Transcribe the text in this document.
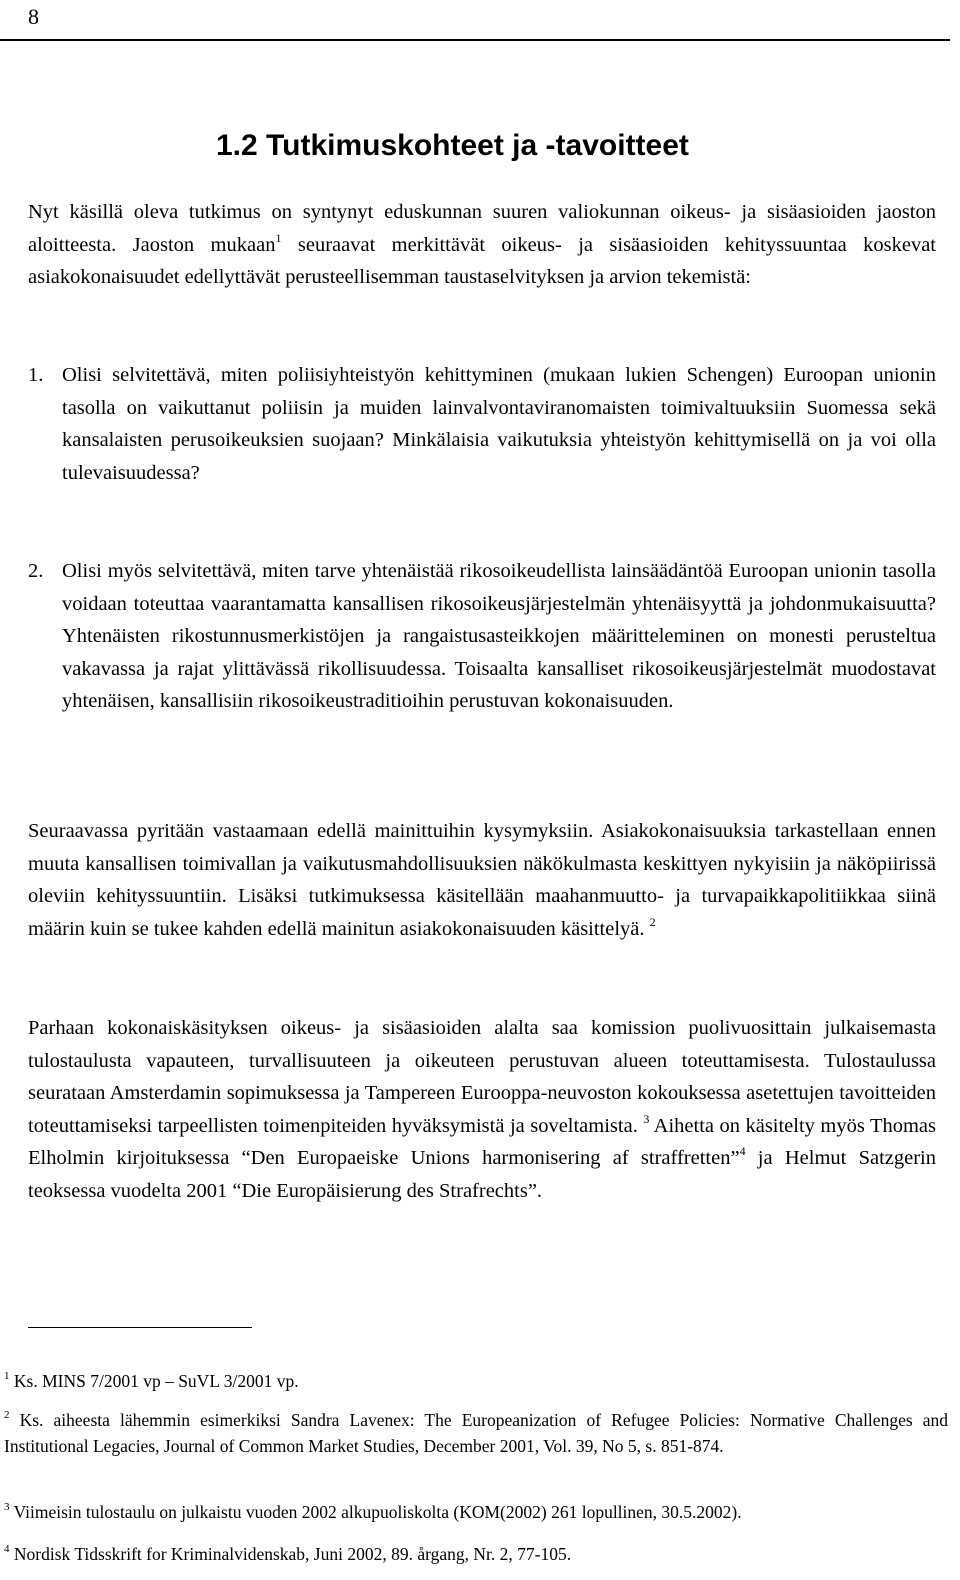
8
1.2 Tutkimuskohteet ja -tavoitteet

Nyt käsillä oleva tutkimus on syntynyt eduskunnan suuren valiokunnan oikeus- ja sisäasioiden jaoston aloitteesta. Jaoston mukaan$^1$ seuraavat merkittävät oikeus- ja sisäasioiden kehityssuuntaa koskevat asiakokonaisuudet edellyttävät perusteellisemman taustaselvityksen ja arvion tekemistä:

1. Olisi selvitettävä, miten poliisiyhteistyön kehittyminen (mukaan lukien Schengen) Euroopan unionin tasolla on vaikuttanut poliisin ja muiden lainvalvontaviranomaisten toimivaltuuksiin Suomessa sekä kansalaisten perusoikeuksien suojaan? Minkälaisia vaikutuksia yhteistyön kehittymisellä on ja voi olla tulevaisuudessa?
2. Olisi myös selvitettävä, miten tarve yhtenäistää rikosoikeudellista lainsäädäntöä Euroopan unionin tasolla voidaan toteuttaa vaarantamatta kansallisen rikosoikeusjärjestelmän yhtenäisyyttä ja johdonmukaisuutta? Yhtenäisten rikostunnusmerkistöjen ja rangaistusasteikkojen määritteleminen on monesti perusteltua vakavassa ja rajat ylittävässä rikollisuudessa. Toisaalta kansalliset rikosoikeusjärjestelmät muodostavat yhtenäisen, kansallisiin rikosoikeustraditioihin perustuvan kokonaisuuden.

Seuraavassa pyritään vastaamaan edellä mainittuihin kysymyksiin. Asiakokonaisuuksia tarkastellaan ennen muuta kansallisen toimivallan ja vaikutusmahdollisuuksien näkökulmasta keskittyen nykyisiin ja näköpiirissä oleviin kehityssuuntiin. Lisäksi tutkimuksessa käsitellään maahanmuutto- ja turvapaikkapolitiikkaa siinä määrin kuin se tukee kahden edellä mainitun asiakokonaisuuden käsittelyä. $^2$

Parhaan kokonaiskäsityksen oikeus- ja sisäasioiden alalta saa komission puolivuosittain julkaisemasta tulostaulusta vapauteen, turvallisuuteen ja oikeuteen perustuvan alueen toteuttamisesta. Tulostaulussa seurataan Amsterdamin sopimuksessa ja Tampereen Eurooppa-neuvoston kokouksessa asetettujen tavoitteiden toteuttamiseksi tarpeellisten toimenpiteiden hyväksymistä ja soveltamista. $^3$ Aihetta on käsitelty myös Thomas Elholmin kirjoituksessa “Den Europaeiske Unions harmonisering af straffretten”$^4$ ja Helmut Satzgerin teoksessa vuodelta 2001 “Die Europäisierung des Strafrechts”.

$^1$ Ks. MINS 7/2001 vp – SuVL 3/2001 vp.

$^2$ Ks. aiheesta lähemmin esimerkiksi Sandra Lavenex: The Europeanization of Refugee Policies: Normative Challenges and Institutional Legacies, Journal of Common Market Studies, December 2001, Vol. 39, No 5, s. 851-874.

$^3$ Viimeisin tulostaulu on julkaistu vuoden 2002 alkupuoliskolta (KOM(2002) 261 lopullinen, 30.5.2002).

$^4$ Nordisk Tidsskrift for Kriminalvidenskab, Juni 2002, 89. årgang, Nr. 2, 77-105.
